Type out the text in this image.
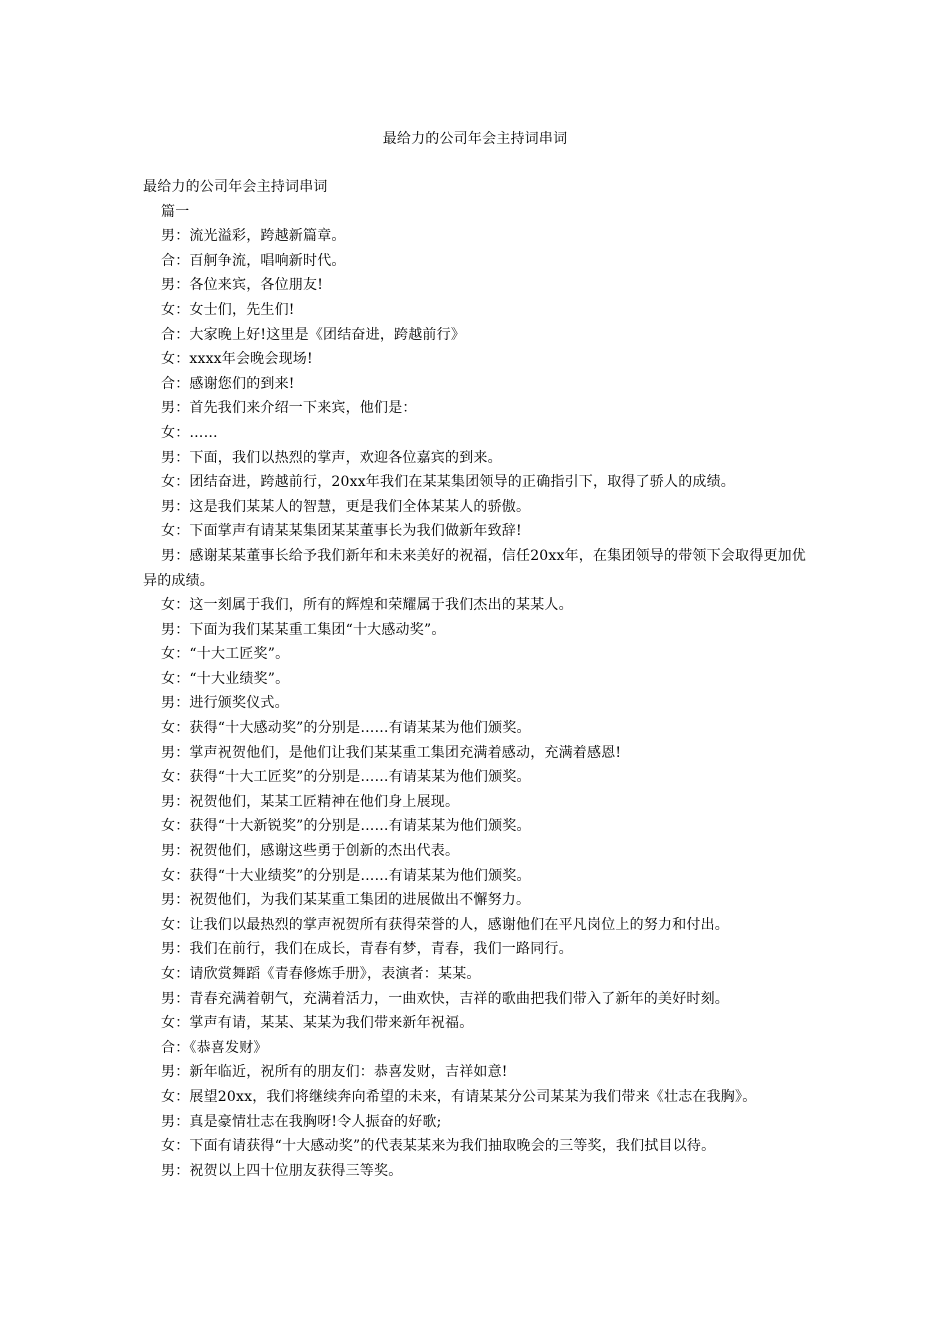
最给力的公司年会主持词串词

最给力的公司年会主持词串词

篇一

男：流光溢彩，跨越新篇章。

合：百舸争流，唱响新时代。

男：各位来宾，各位朋友!

女：女士们，先生们!

合：大家晚上好!这里是《团结奋进，跨越前行》

女：xxxx年会晚会现场!

合：感谢您们的到来!

男：首先我们来介绍一下来宾，他们是：

女：……

男：下面，我们以热烈的掌声，欢迎各位嘉宾的到来。

女：团结奋进，跨越前行，20xx年我们在某某集团领导的正确指引下，取得了骄人的成绩。

男：这是我们某某人的智慧，更是我们全体某某人的骄傲。

女：下面掌声有请某某集团某某董事长为我们做新年致辞!

男：感谢某某董事长给予我们新年和未来美好的祝福，信任20xx年，在集团领导的带领下会取得更加优异的成绩。

女：这一刻属于我们，所有的辉煌和荣耀属于我们杰出的某某人。

男：下面为我们某某重工集团“十大感动奖”。

女：“十大工匠奖”。

女：“十大业绩奖”。

男：进行颁奖仪式。

女：获得“十大感动奖”的分别是……有请某某为他们颁奖。

男：掌声祝贺他们，是他们让我们某某重工集团充满着感动，充满着感恩!

女：获得“十大工匠奖”的分别是……有请某某为他们颁奖。

男：祝贺他们，某某工匠精神在他们身上展现。

女：获得“十大新锐奖”的分别是……有请某某为他们颁奖。

男：祝贺他们，感谢这些勇于创新的杰出代表。

女：获得“十大业绩奖”的分别是……有请某某为他们颁奖。

男：祝贺他们，为我们某某重工集团的进展做出不懈努力。

女：让我们以最热烈的掌声祝贺所有获得荣誉的人，感谢他们在平凡岗位上的努力和付出。

男：我们在前行，我们在成长，青春有梦，青春，我们一路同行。

女：请欣赏舞蹈《青春修炼手册》，表演者：某某。

男：青春充满着朝气，充满着活力，一曲欢快，吉祥的歌曲把我们带入了新年的美好时刻。

女：掌声有请，某某、某某为我们带来新年祝福。

合：《恭喜发财》

男：新年临近，祝所有的朋友们：恭喜发财，吉祥如意!

女：展望20xx，我们将继续奔向希望的未来，有请某某分公司某某为我们带来《壮志在我胸》。

男：真是豪情壮志在我胸呀!令人振奋的好歌;

女：下面有请获得“十大感动奖”的代表某某来为我们抽取晚会的三等奖，我们拭目以待。

男：祝贺以上四十位朋友获得三等奖。
